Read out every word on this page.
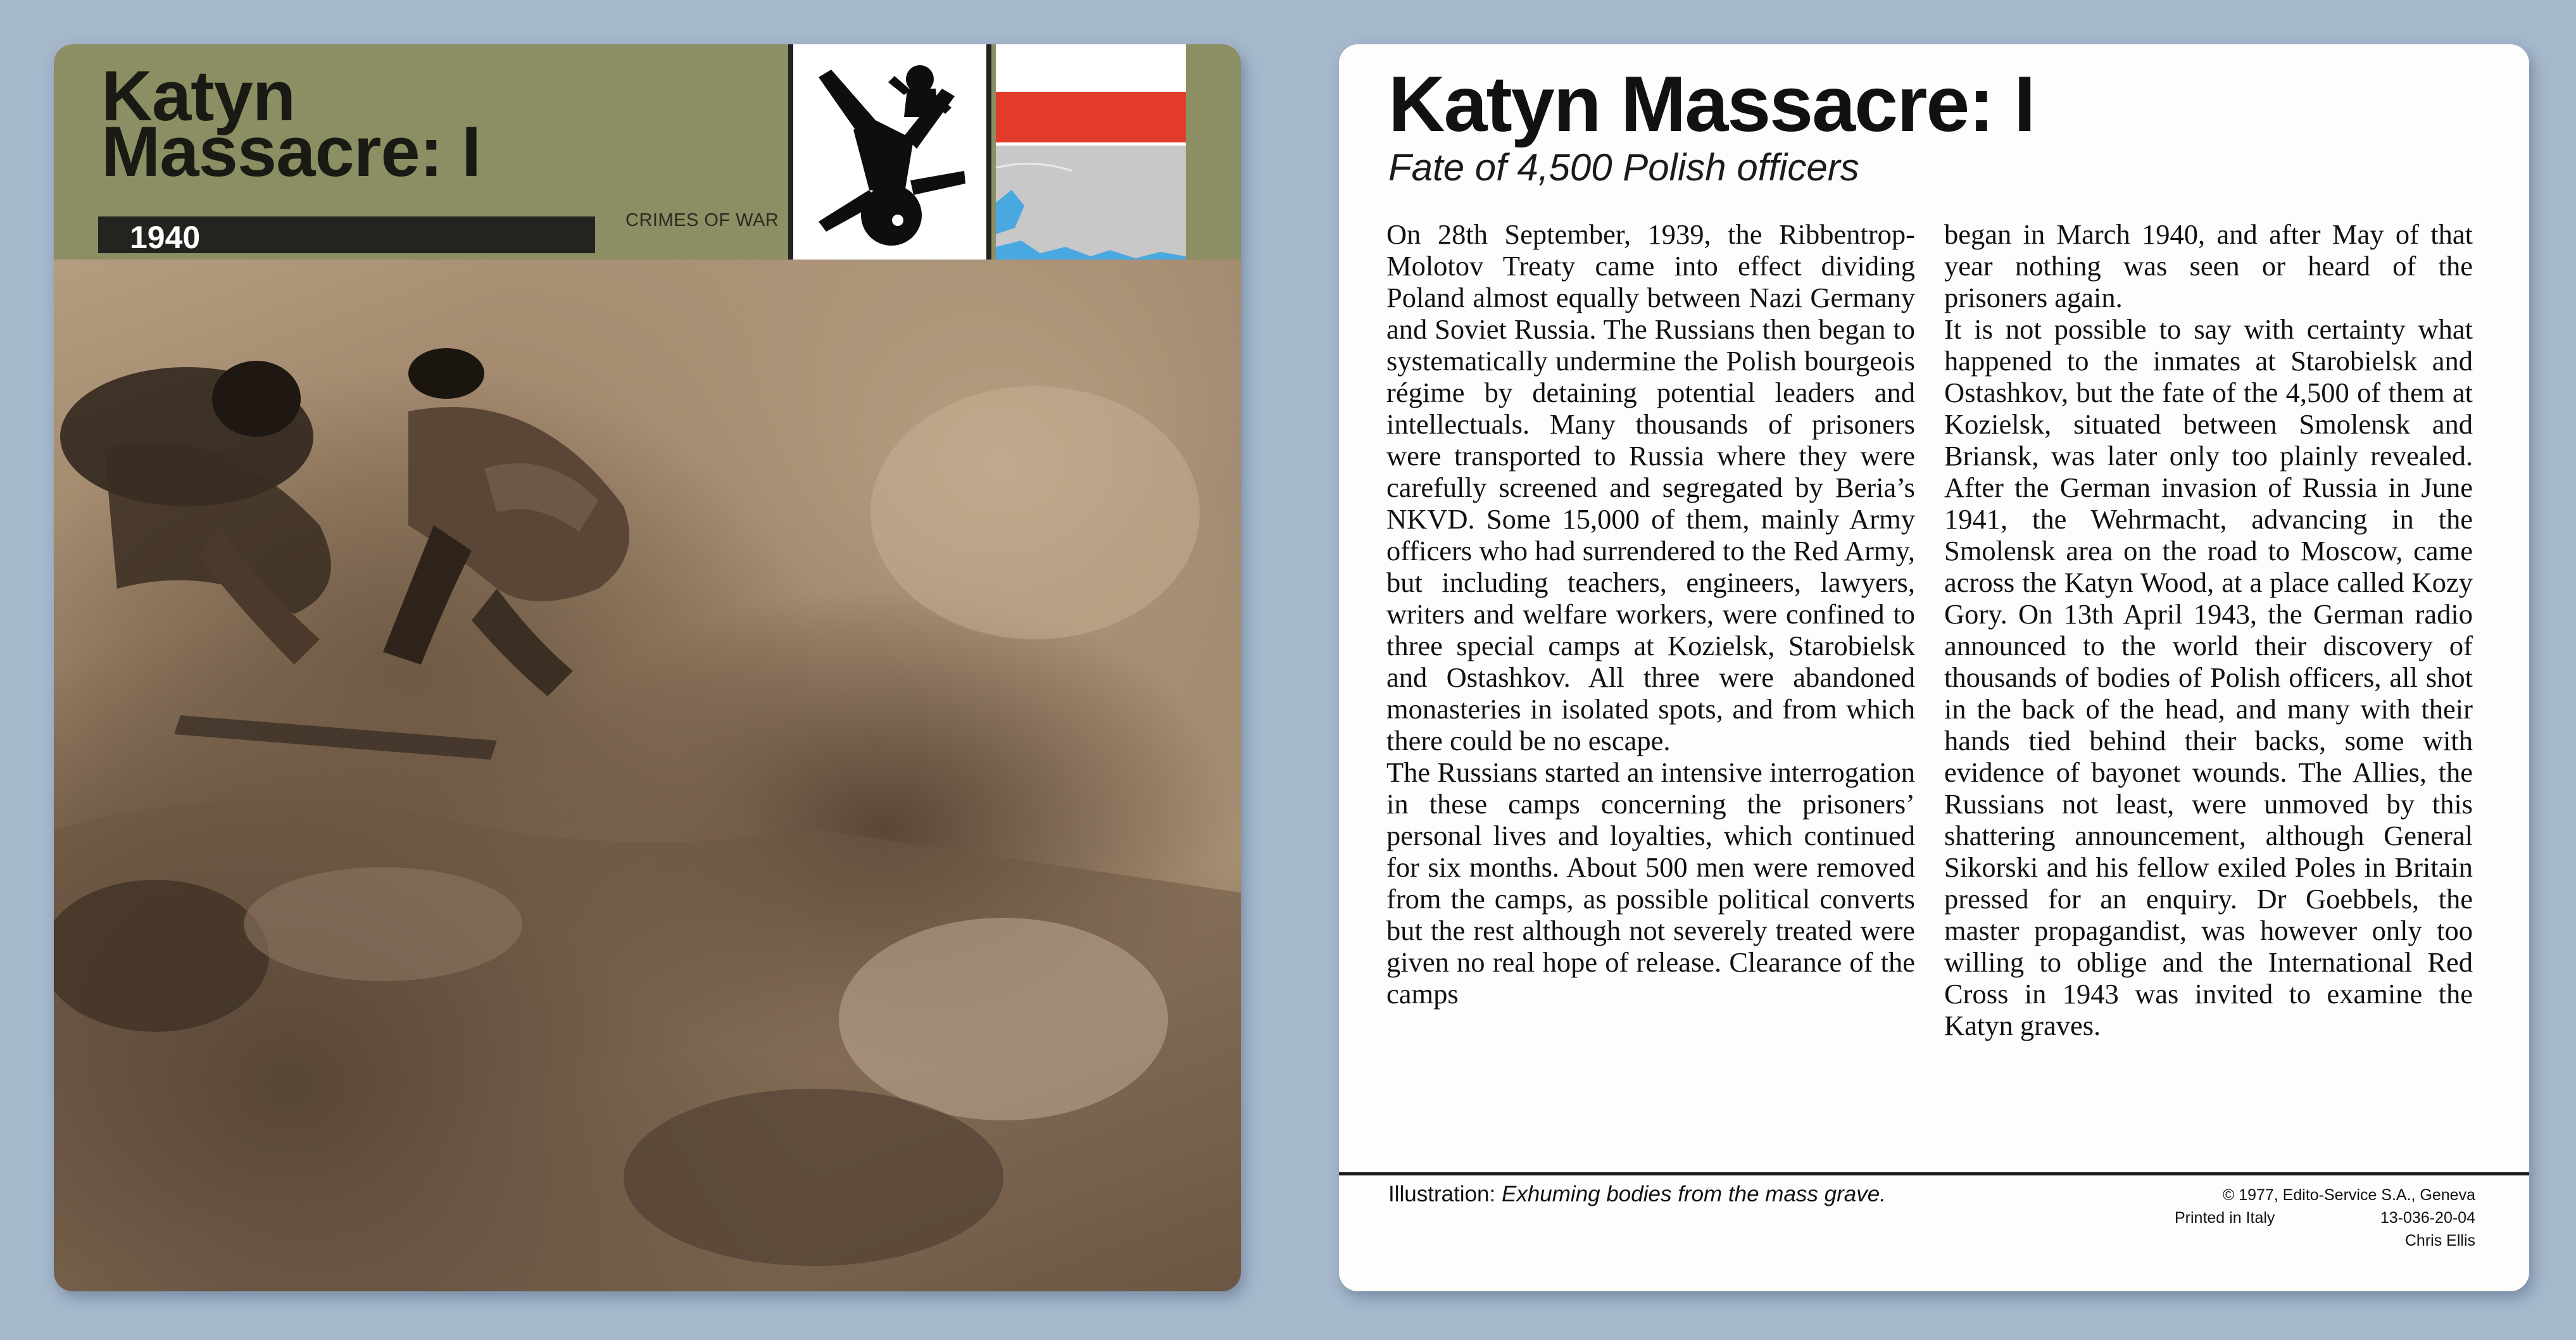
Katyn
Massacre: I
1940	CRIMES OF WAR
Katyn Massacre: I
Fate of 4,500 Polish officers

On 28th September, 1939, the Ribbentrop-Molotov Treaty came into effect dividing Poland almost equally between Nazi Germany and Soviet Russia. The Russians then began to systematically undermine the Polish bourgeois régime by detaining potential leaders and intellectuals. Many thousands of prisoners were transported to Russia where they were carefully screened and segregated by Beria’s NKVD. Some 15,000 of them, mainly Army officers who had surrendered to the Red Army, but including teachers, engineers, lawyers, writers and welfare workers, were confined to three special camps at Kozielsk, Starobielsk and Ostashkov. All three were abandoned monasteries in isolated spots, and from which there could be no escape.

The Russians started an intensive interrogation in these camps concerning the prisoners’ personal lives and loyalties, which continued for six months. About 500 men were removed from the camps, as possible political converts but the rest although not severely treated were given no real hope of release. Clearance of the camps

began in March 1940, and after May of that year nothing was seen or heard of the prisoners again.

It is not possible to say with certainty what happened to the inmates at Starobielsk and Ostashkov, but the fate of the 4,500 of them at Kozielsk, situated between Smolensk and Briansk, was later only too plainly revealed. After the German invasion of Russia in June 1941, the Wehrmacht, advancing in the Smolensk area on the road to Moscow, came across the Katyn Wood, at a place called Kozy Gory. On 13th April 1943, the German radio announced to the world their discovery of thousands of bodies of Polish officers, all shot in the back of the head, and many with their hands tied behind their backs, some with evidence of bayonet wounds. The Allies, the Russians not least, were unmoved by this shattering announcement, although General Sikorski and his fellow exiled Poles in Britain pressed for an enquiry. Dr Goebbels, the master propagandist, was however only too willing to oblige and the International Red Cross in 1943 was invited to examine the Katyn graves.

Illustration: Exhuming bodies from the mass grave.	© 1977, Edito-Service S.A., Geneva
Printed in Italy	13-036-20-04
Chris Ellis
